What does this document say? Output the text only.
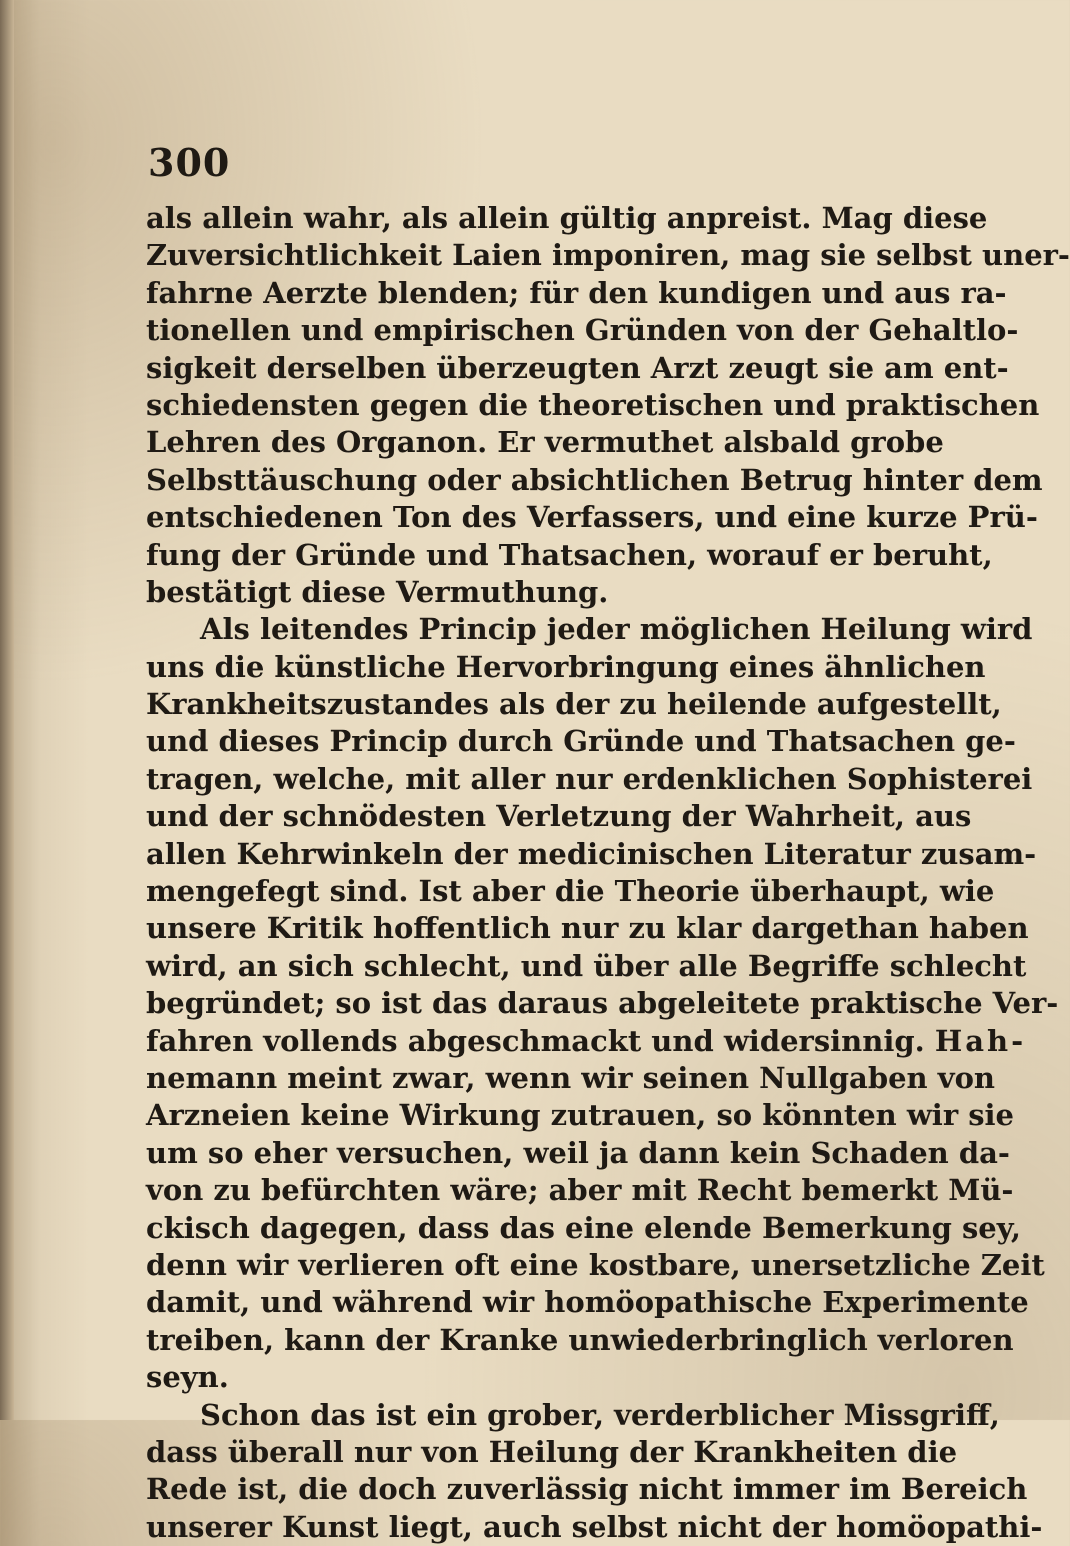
300
als allein wahr, als allein gültig anpreist. Mag diese
Zuversichtlichkeit Laien imponiren, mag sie selbst uner-
fahrne Aerzte blenden; für den kundigen und aus ra-
tionellen und empirischen Gründen von der Gehaltlo-
sigkeit derselben überzeugten Arzt zeugt sie am ent-
schiedensten gegen die theoretischen und praktischen
Lehren des Organon. Er vermuthet alsbald grobe
Selbsttäuschung oder absichtlichen Betrug hinter dem
entschiedenen Ton des Verfassers, und eine kurze Prü-
fung der Gründe und Thatsachen, worauf er beruht,
bestätigt diese Vermuthung.
Als leitendes Princip jeder möglichen Heilung wird
uns die künstliche Hervorbringung eines ähnlichen
Krankheitszustandes als der zu heilende aufgestellt,
und dieses Princip durch Gründe und Thatsachen ge-
tragen, welche, mit aller nur erdenklichen Sophisterei
und der schnödesten Verletzung der Wahrheit, aus
allen Kehrwinkeln der medicinischen Literatur zusam-
mengefegt sind. Ist aber die Theorie überhaupt, wie
unsere Kritik hoffentlich nur zu klar dargethan haben
wird, an sich schlecht, und über alle Begriffe schlecht
begründet; so ist das daraus abgeleitete praktische Ver-
fahren vollends abgeschmackt und widersinnig. Hah-
nemann meint zwar, wenn wir seinen Nullgaben von
Arzneien keine Wirkung zutrauen, so könnten wir sie
um so eher versuchen, weil ja dann kein Schaden da-
von zu befürchten wäre; aber mit Recht bemerkt Mü-
ckisch dagegen, dass das eine elende Bemerkung sey,
denn wir verlieren oft eine kostbare, unersetzliche Zeit
damit, und während wir homöopathische Experimente
treiben, kann der Kranke unwiederbringlich verloren
seyn.
Schon das ist ein grober, verderblicher Missgriff,
dass überall nur von Heilung der Krankheiten die
Rede ist, die doch zuverlässig nicht immer im Bereich
unserer Kunst liegt, auch selbst nicht der homöopathi-
